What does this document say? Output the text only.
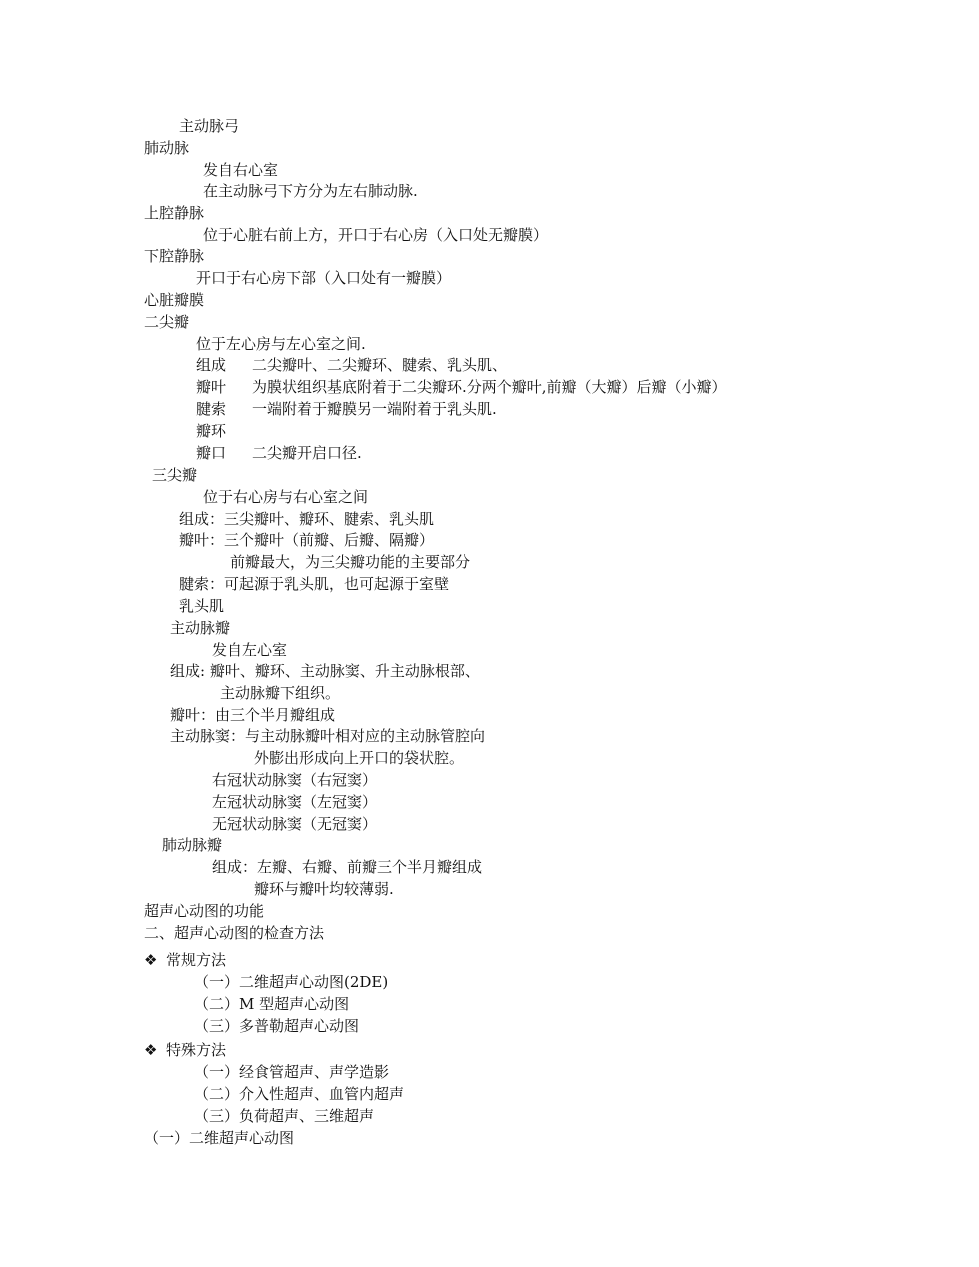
主动脉弓
肺动脉
发自右心室
在主动脉弓下方分为左右肺动脉.
上腔静脉
位于心脏右前上方，开口于右心房（入口处无瓣膜）
下腔静脉
开口于右心房下部（入口处有一瓣膜）
心脏瓣膜
二尖瓣
位于左心房与左心室之间.
组成 二尖瓣叶、二尖瓣环、腱索、乳头肌、
瓣叶 为膜状组织基底附着于二尖瓣环.分两个瓣叶,前瓣（大瓣）后瓣（小瓣）
腱索 一端附着于瓣膜另一端附着于乳头肌.
瓣环
瓣口 二尖瓣开启口径.
三尖瓣
位于右心房与右心室之间
组成：三尖瓣叶、瓣环、腱索、乳头肌
瓣叶：三个瓣叶（前瓣、后瓣、隔瓣）
前瓣最大，为三尖瓣功能的主要部分
腱索：可起源于乳头肌，也可起源于室壁
乳头肌
主动脉瓣
发自左心室
组成: 瓣叶、瓣环、主动脉窦、升主动脉根部、
主动脉瓣下组织。
瓣叶：由三个半月瓣组成
主动脉窦：与主动脉瓣叶相对应的主动脉管腔向
外膨出形成向上开口的袋状腔。
右冠状动脉窦（右冠窦）
左冠状动脉窦（左冠窦）
无冠状动脉窦（无冠窦）
肺动脉瓣
组成：左瓣、右瓣、前瓣三个半月瓣组成
瓣环与瓣叶均较薄弱.
超声心动图的功能
二、超声心动图的检查方法
❖ 常规方法
（一）二维超声心动图(2DE)
（二）M 型超声心动图
（三）多普勒超声心动图
❖ 特殊方法
（一）经食管超声、声学造影
（二）介入性超声、血管内超声
（三）负荷超声、三维超声
（一）二维超声心动图
